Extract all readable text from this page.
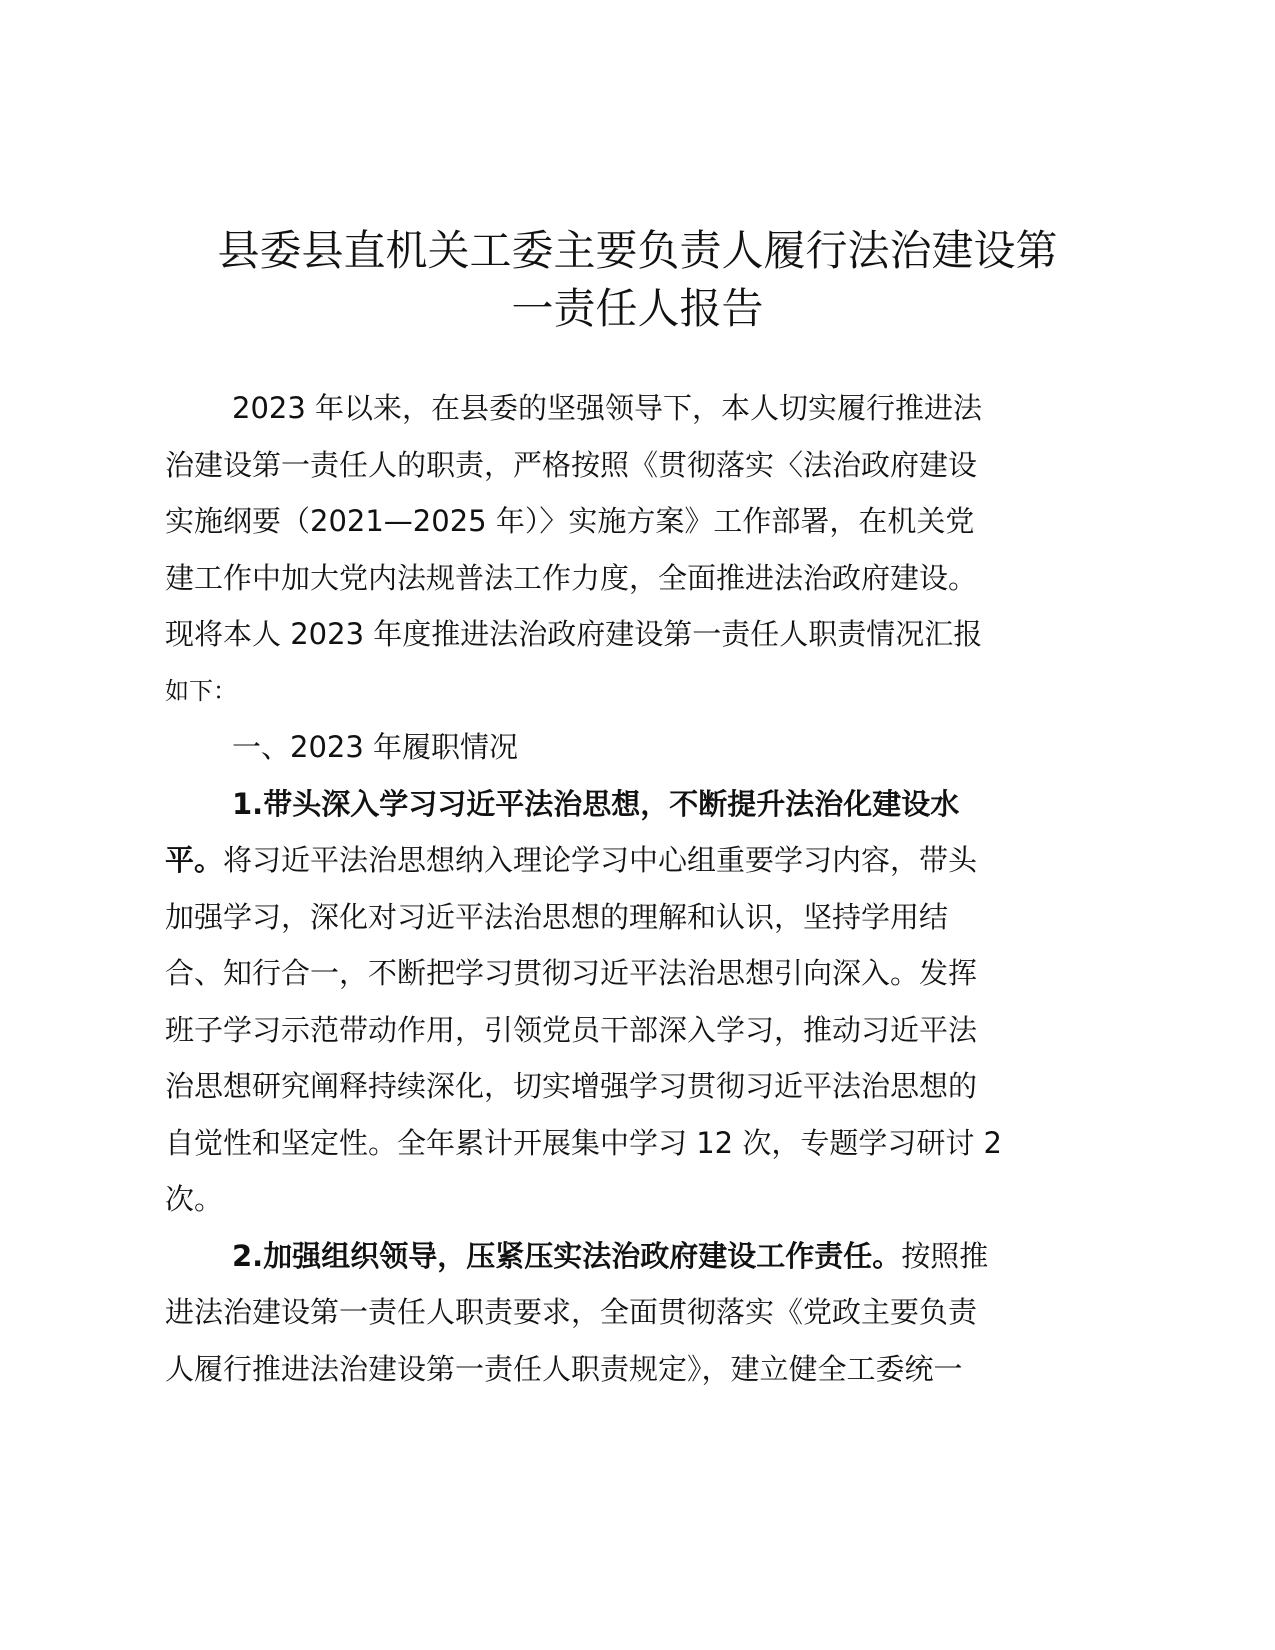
县委县直机关工委主要负责人履行法治建设第
一责任人报告
2023 年以来，在县委的坚强领导下，本人切实履行推进法
治建设第一责任人的职责，严格按照《贯彻落实〈法治政府建设
实施纲要（2021—2025 年）〉实施方案》工作部署，在机关党
建工作中加大党内法规普法工作力度，全面推进法治政府建设。
现将本人 2023 年度推进法治政府建设第一责任人职责情况汇报
如下：
一、2023 年履职情况
1.带头深入学习习近平法治思想，不断提升法治化建设水
平。将习近平法治思想纳入理论学习中心组重要学习内容，带头
加强学习，深化对习近平法治思想的理解和认识，坚持学用结
合、知行合一，不断把学习贯彻习近平法治思想引向深入。发挥
班子学习示范带动作用，引领党员干部深入学习，推动习近平法
治思想研究阐释持续深化，切实增强学习贯彻习近平法治思想的
自觉性和坚定性。全年累计开展集中学习 12 次，专题学习研讨 2
次。
2.加强组织领导，压紧压实法治政府建设工作责任。按照推
进法治建设第一责任人职责要求，全面贯彻落实《党政主要负责
人履行推进法治建设第一责任人职责规定》，建立健全工委统一
